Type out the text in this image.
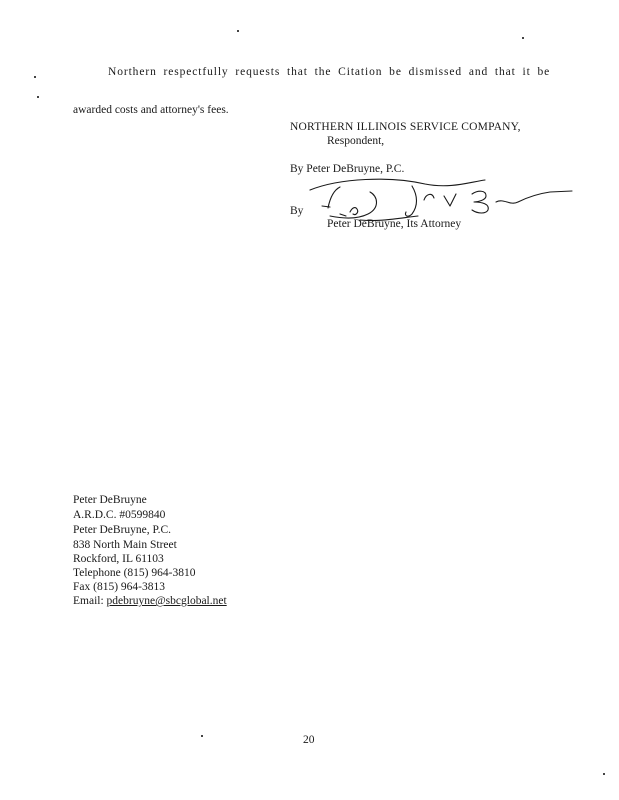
Northern respectfully requests that the Citation be dismissed and that it be
awarded costs and attorney's fees.
NORTHERN ILLINOIS SERVICE COMPANY,
Respondent,
By Peter DeBruyne, P.C.
By
Peter DeBruyne, Its Attorney
Peter DeBruyne
A.R.D.C. #0599840
Peter DeBruyne, P.C.
838 North Main Street
Rockford, IL 61103
Telephone (815) 964-3810
Fax (815) 964-3813
Email: pdebruyne@sbcglobal.net
20
